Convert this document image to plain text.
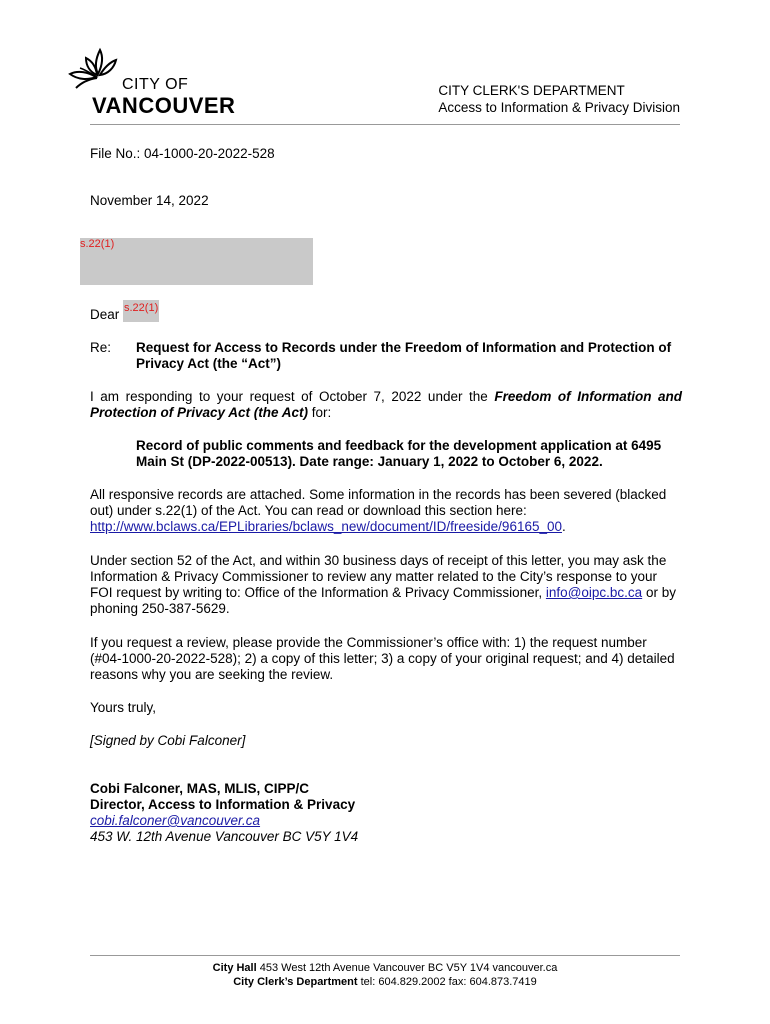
CITY OF
VANCOUVER
CITY CLERK'S DEPARTMENT
Access to Information & Privacy Division
File No.: 04-1000-20-2022-528
November 14, 2022
s.22(1)
Dear s.22(1)
Re: Request for Access to Records under the Freedom of Information and Protection of Privacy Act (the “Act”)
I am responding to your request of October 7, 2022 under the Freedom of Information and Protection of Privacy Act (the Act) for:
Record of public comments and feedback for the development application at 6495 Main St (DP-2022-00513). Date range: January 1, 2022 to October 6, 2022.
All responsive records are attached. Some information in the records has been severed (blacked out) under s.22(1) of the Act. You can read or download this section here: http://www.bclaws.ca/EPLibraries/bclaws_new/document/ID/freeside/96165_00.
Under section 52 of the Act, and within 30 business days of receipt of this letter, you may ask the Information & Privacy Commissioner to review any matter related to the City’s response to your FOI request by writing to: Office of the Information & Privacy Commissioner, info@oipc.bc.ca or by phoning 250-387-5629.
If you request a review, please provide the Commissioner’s office with: 1) the request number (#04-1000-20-2022-528); 2) a copy of this letter; 3) a copy of your original request; and 4) detailed reasons why you are seeking the review.
Yours truly,
[Signed by Cobi Falconer]
Cobi Falconer, MAS, MLIS, CIPP/C
Director, Access to Information & Privacy
cobi.falconer@vancouver.ca
453 W. 12th Avenue Vancouver BC V5Y 1V4
City Hall 453 West 12th Avenue Vancouver BC V5Y 1V4 vancouver.ca
City Clerk’s Department tel: 604.829.2002 fax: 604.873.7419
